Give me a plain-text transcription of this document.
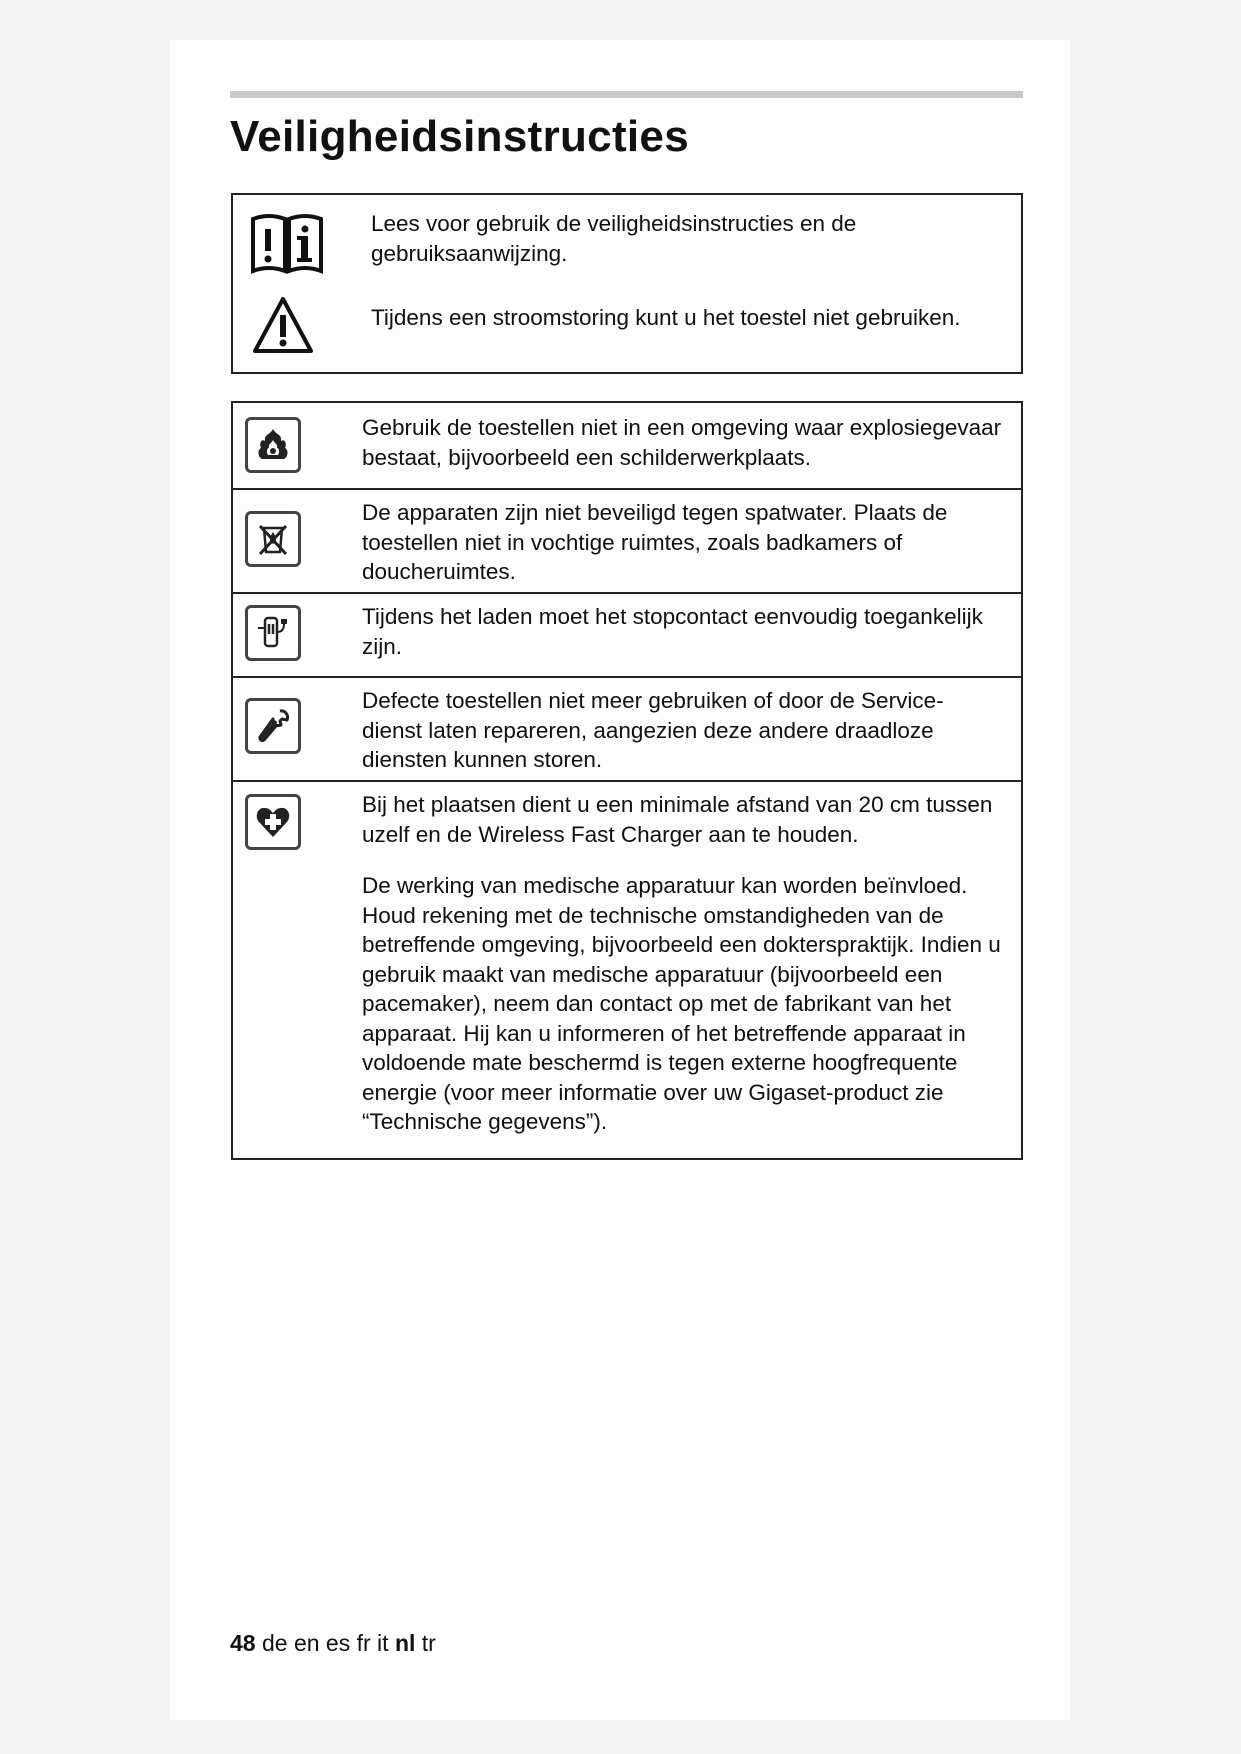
Veiligheidsinstructies
Lees voor gebruik de veiligheidsinstructies en de gebruiksaanwijzing.
Tijdens een stroomstoring kunt u het toestel niet gebruiken.
Gebruik de toestellen niet in een omgeving waar explosiegevaar bestaat, bijvoorbeeld een schilderwerkplaats.
De apparaten zijn niet beveiligd tegen spatwater. Plaats de toestellen niet in vochtige ruimtes, zoals badkamers of doucheruimtes.
Tijdens het laden moet het stopcontact eenvoudig toegankelijk zijn.
Defecte toestellen niet meer gebruiken of door de Service-dienst laten repareren, aangezien deze andere draadloze diensten kunnen storen.

Bij het plaatsen dient u een minimale afstand van 20 cm tussen uzelf en de Wireless Fast Charger aan te houden.

De werking van medische apparatuur kan worden beïnvloed. Houd rekening met de technische omstandigheden van de betreffende omgeving, bijvoorbeeld een dokterspraktijk. Indien u gebruik maakt van medische apparatuur (bijvoorbeeld een pacemaker), neem dan contact op met de fabrikant van het apparaat. Hij kan u informeren of het betreffende apparaat in voldoende mate beschermd is tegen externe hoogfrequente energie (voor meer informatie over uw Gigaset-product zie “Technische gegevens”).

48 de en es fr it nl tr
